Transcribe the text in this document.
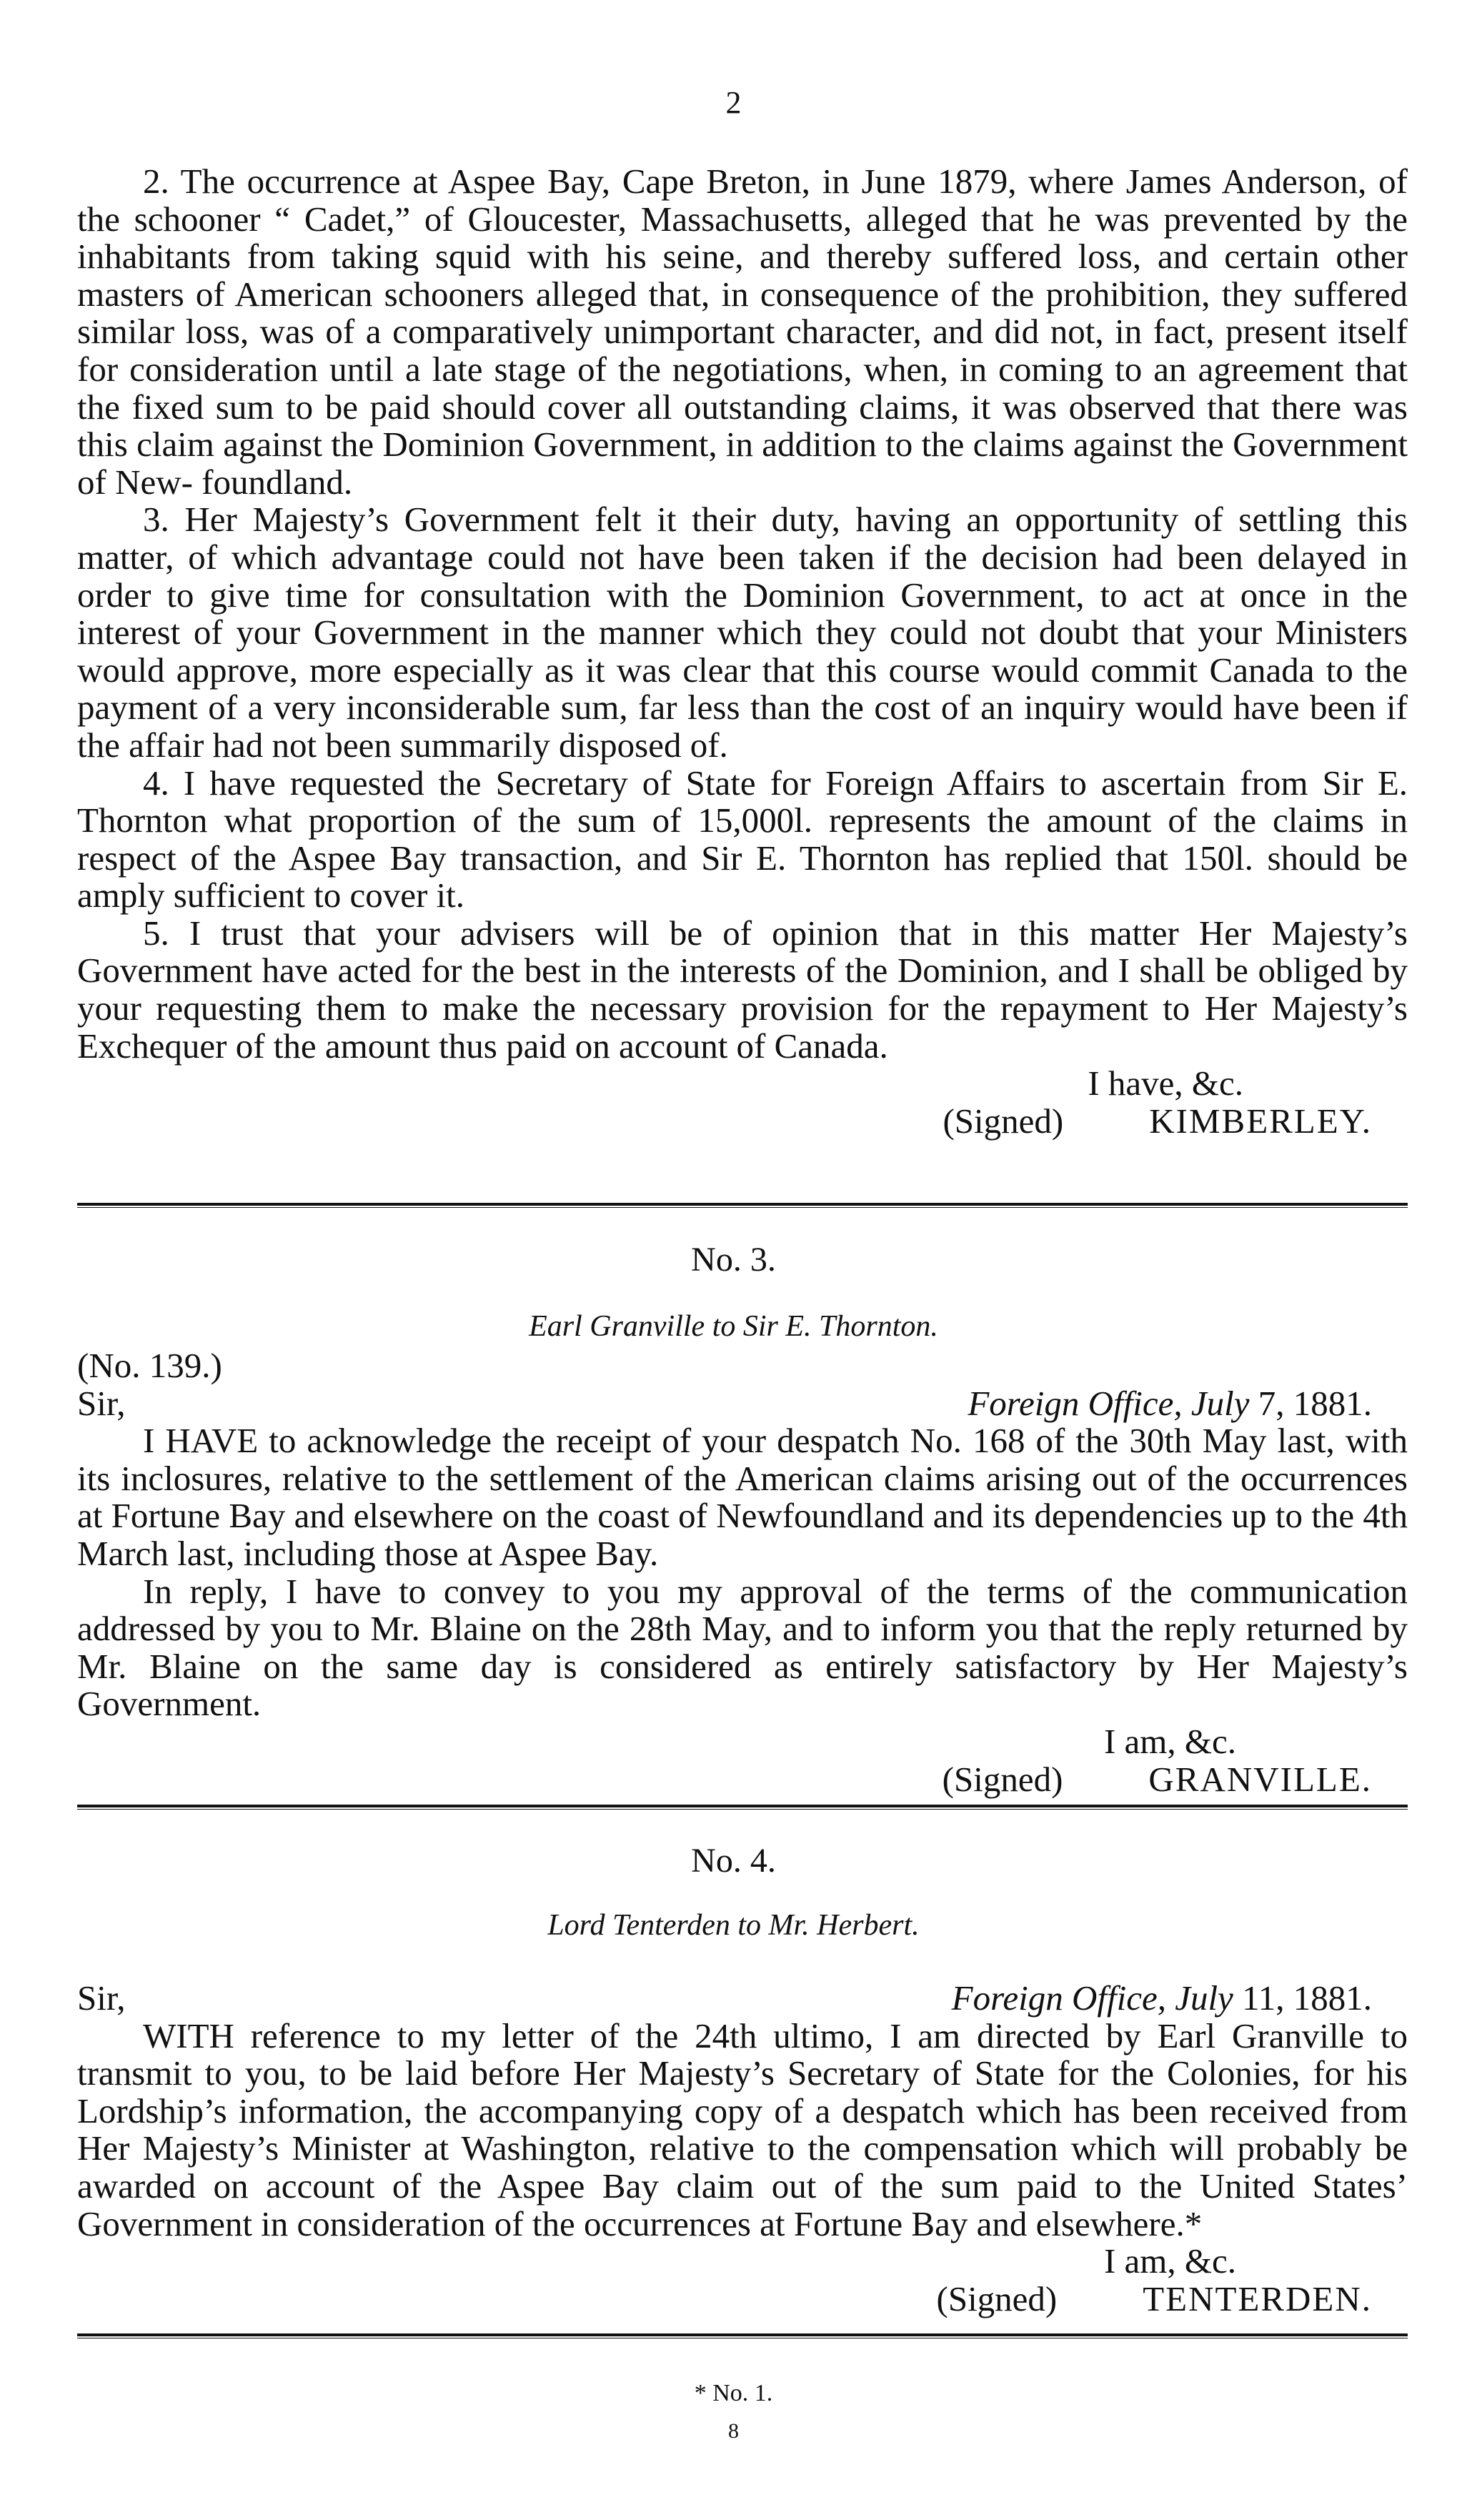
2

2. The occurrence at Aspee Bay, Cape Breton, in June 1879, where James Anderson, of the schooner “ Cadet,” of Gloucester, Massachusetts, alleged that he was prevented by the inhabitants from taking squid with his seine, and thereby suffered loss, and certain other masters of American schooners alleged that, in consequence of the prohibition, they suffered similar loss, was of a comparatively unimportant character, and did not, in fact, present itself for consideration until a late stage of the negotiations, when, in coming to an agreement that the fixed sum to be paid should cover all outstanding claims, it was observed that there was this claim against the Dominion Government, in addition to the claims against the Government of New- foundland.

3. Her Majesty’s Government felt it their duty, having an opportunity of settling this matter, of which advantage could not have been taken if the decision had been delayed in order to give time for consultation with the Dominion Government, to act at once in the interest of your Government in the manner which they could not doubt that your Ministers would approve, more especially as it was clear that this course would commit Canada to the payment of a very inconsiderable sum, far less than the cost of an inquiry would have been if the affair had not been summarily disposed of.

4. I have requested the Secretary of State for Foreign Affairs to ascertain from Sir E. Thornton what proportion of the sum of 15,000l. represents the amount of the claims in respect of the Aspee Bay transaction, and Sir E. Thornton has replied that 150l. should be amply sufficient to cover it.

5. I trust that your advisers will be of opinion that in this matter Her Majesty’s Government have acted for the best in the interests of the Dominion, and I shall be obliged by your requesting them to make the necessary provision for the repayment to Her Majesty’s Exchequer of the amount thus paid on account of Canada.

I have, &c.
(Signed) KIMBERLEY.
No. 3.
Earl Granville to Sir E. Thornton.
(No. 139.)
Sir,	Foreign Office, July 7, 1881.

I HAVE to acknowledge the receipt of your despatch No. 168 of the 30th May last, with its inclosures, relative to the settlement of the American claims arising out of the occurrences at Fortune Bay and elsewhere on the coast of Newfoundland and its dependencies up to the 4th March last, including those at Aspee Bay.

In reply, I have to convey to you my approval of the terms of the communication addressed by you to Mr. Blaine on the 28th May, and to inform you that the reply returned by Mr. Blaine on the same day is considered as entirely satisfactory by Her Majesty’s Government.

I am, &c.
(Signed) GRANVILLE.
No. 4.
Lord Tenterden to Mr. Herbert.
Sir,	Foreign Office, July 11, 1881.

WITH reference to my letter of the 24th ultimo, I am directed by Earl Granville to transmit to you, to be laid before Her Majesty’s Secretary of State for the Colonies, for his Lordship’s information, the accompanying copy of a despatch which has been received from Her Majesty’s Minister at Washington, relative to the compensation which will probably be awarded on account of the Aspee Bay claim out of the sum paid to the United States’ Government in consideration of the occurrences at Fortune Bay and elsewhere.*

I am, &c.
(Signed) TENTERDEN.
* No. 1.
8
